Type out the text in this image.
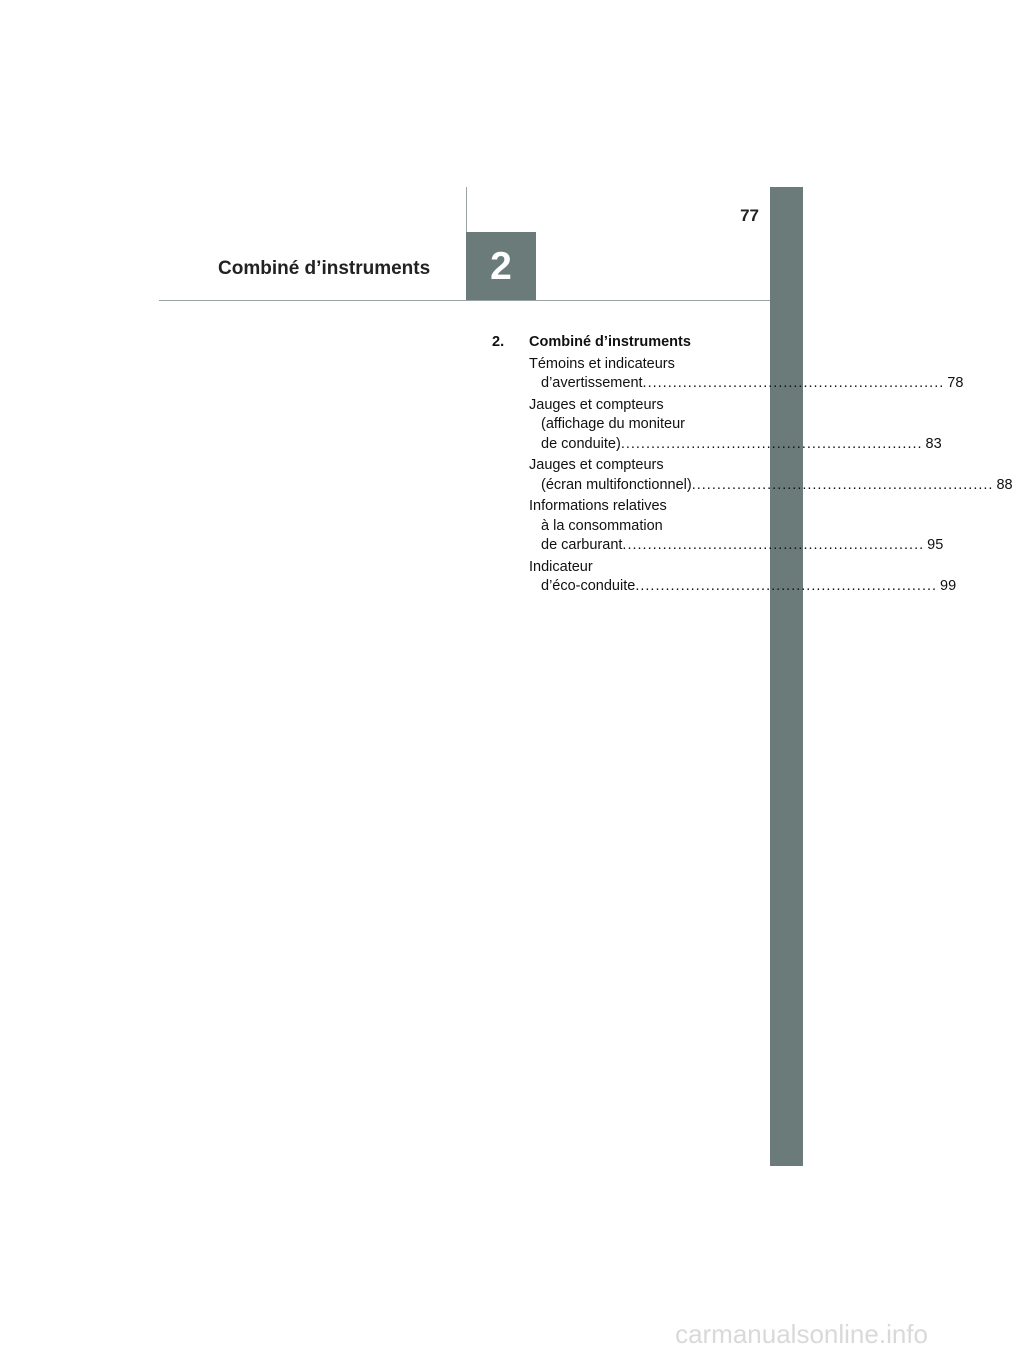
77
Combiné d’instruments	2
2.	Combiné d’instruments
Témoins et indicateurs
d’avertissement ............................................................ 78
Jauges et compteurs
(affichage du moniteur
de conduite) ............................................................ 83
Jauges et compteurs
(écran multifonctionnel) ............................................................ 88
Informations relatives
à la consommation
de carburant ............................................................ 95
Indicateur
d’éco-conduite ............................................................ 99
carmanualsonline.info
